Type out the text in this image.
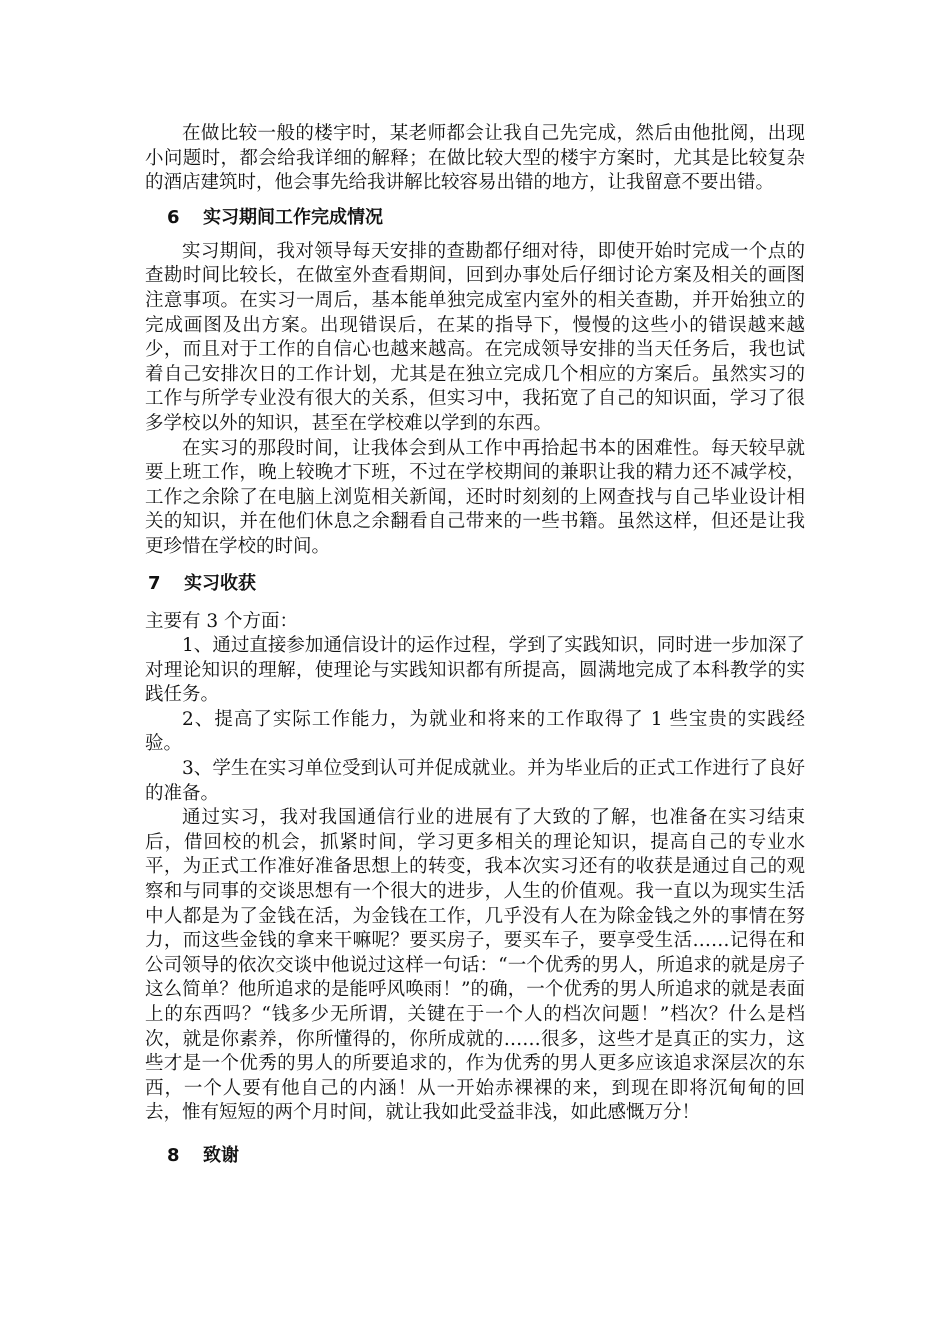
在做比较一般的楼宇时，某老师都会让我自己先完成，然后由他批阅，出现小问题时，都会给我详细的解释；在做比较大型的楼宇方案时，尤其是比较复杂的酒店建筑时，他会事先给我讲解比较容易出错的地方，让我留意不要出错。

6 实习期间工作完成情况

实习期间，我对领导每天安排的查勘都仔细对待，即使开始时完成一个点的查勘时间比较长，在做室外查看期间，回到办事处后仔细讨论方案及相关的画图注意事项。在实习一周后，基本能单独完成室内室外的相关查勘，并开始独立的完成画图及出方案。出现错误后，在某的指导下，慢慢的这些小的错误越来越少，而且对于工作的自信心也越来越高。在完成领导安排的当天任务后，我也试着自己安排次日的工作计划，尤其是在独立完成几个相应的方案后。虽然实习的工作与所学专业没有很大的关系，但实习中，我拓宽了自己的知识面，学习了很多学校以外的知识，甚至在学校难以学到的东西。

在实习的那段时间，让我体会到从工作中再拾起书本的困难性。每天较早就要上班工作，晚上较晚才下班，不过在学校期间的兼职让我的精力还不减学校，工作之余除了在电脑上浏览相关新闻，还时时刻刻的上网查找与自己毕业设计相关的知识，并在他们休息之余翻看自己带来的一些书籍。虽然这样，但还是让我更珍惜在学校的时间。

7 实习收获

主要有 3 个方面：

1、通过直接参加通信设计的运作过程，学到了实践知识，同时进一步加深了对理论知识的理解，使理论与实践知识都有所提高，圆满地完成了本科教学的实践任务。

2、提高了实际工作能力，为就业和将来的工作取得了 1 些宝贵的实践经验。

3、学生在实习单位受到认可并促成就业。并为毕业后的正式工作进行了良好的准备。

通过实习，我对我国通信行业的进展有了大致的了解，也准备在实习结束后，借回校的机会，抓紧时间，学习更多相关的理论知识，提高自己的专业水平，为正式工作准好准备思想上的转变，我本次实习还有的收获是通过自己的观察和与同事的交谈思想有一个很大的进步，人生的价值观。我一直以为现实生活中人都是为了金钱在活，为金钱在工作，几乎没有人在为除金钱之外的事情在努力，而这些金钱的拿来干嘛呢？要买房子，要买车子，要享受生活……记得在和公司领导的依次交谈中他说过这样一句话：“一个优秀的男人，所追求的就是房子这么简单？他所追求的是能呼风唤雨！”的确，一个优秀的男人所追求的就是表面上的东西吗？“钱多少无所谓，关键在于一个人的档次问题！”档次？什么是档次，就是你素养，你所懂得的，你所成就的……很多，这些才是真正的实力，这些才是一个优秀的男人的所要追求的，作为优秀的男人更多应该追求深层次的东西，一个人要有他自己的内涵！从一开始赤裸裸的来，到现在即将沉甸甸的回去，惟有短短的两个月时间，就让我如此受益非浅，如此感慨万分！

8 致谢
